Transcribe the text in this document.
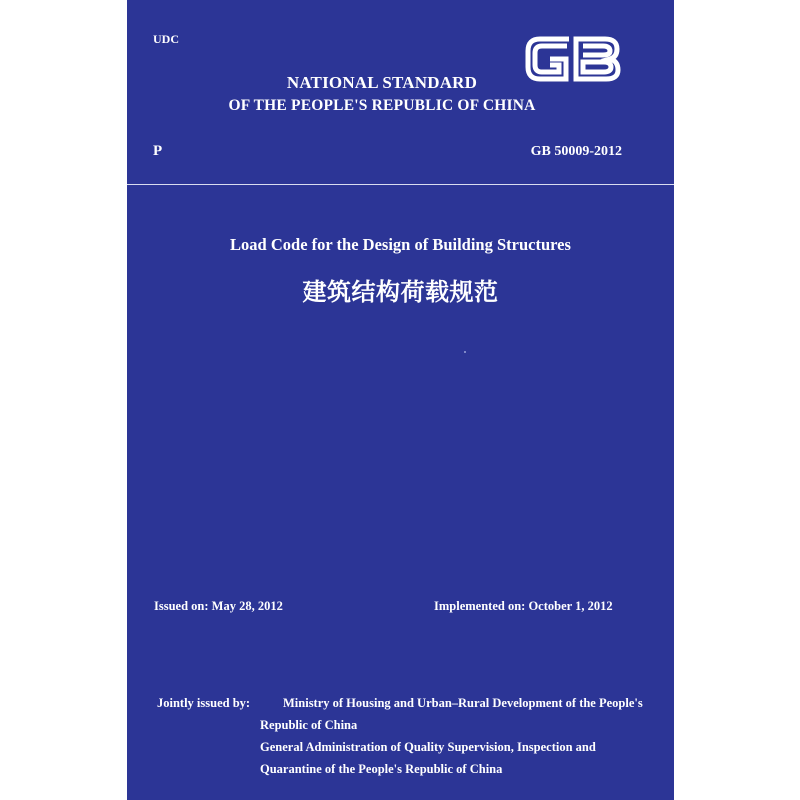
UDC
NATIONAL STANDARD
OF THE PEOPLE'S REPUBLIC OF CHINA
P	GB 50009-2012
Load Code for the Design of Building Structures
建筑结构荷载规范
Issued on: May 28, 2012	Implemented on: October 1, 2012
Jointly issued by:	Ministry of Housing and Urban–Rural Development of the People's
Republic of China
General Administration of Quality Supervision, Inspection and
Quarantine of the People's Republic of China
